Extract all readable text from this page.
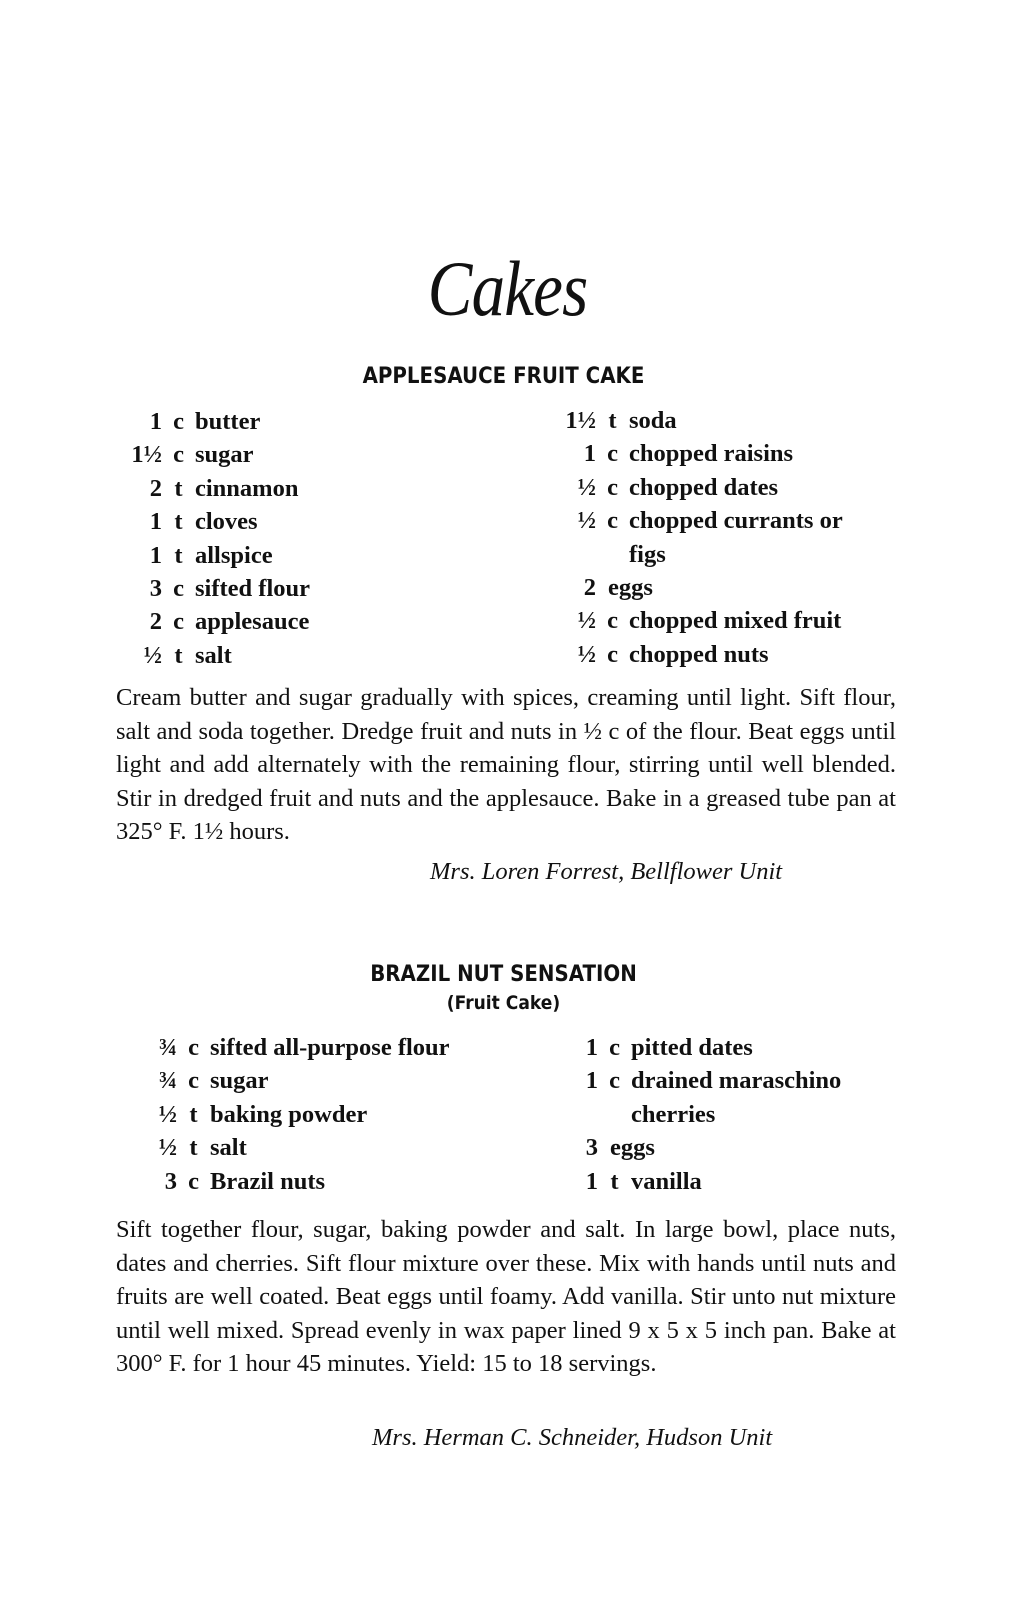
Cakes
APPLESAUCE FRUIT CAKE
1 c butter
1½ c sugar
2 t cinnamon
1 t cloves
1 t allspice
3 c sifted flour
2 c applesauce
½ t salt
1½ t soda
1 c chopped raisins
½ c chopped dates
½ c chopped currants or
figs
2 eggs
½ c chopped mixed fruit
½ c chopped nuts
Cream butter and sugar gradually with spices, creaming until light. Sift flour, salt and soda together. Dredge fruit and nuts in ½ c of the flour. Beat eggs until light and add alternately with the remaining flour, stirring until well blended. Stir in dredged fruit and nuts and the applesauce. Bake in a greased tube pan at 325° F. 1½ hours.
Mrs. Loren Forrest, Bellflower Unit
BRAZIL NUT SENSATION
(Fruit Cake)
¾ c sifted all-purpose flour
¾ c sugar
½ t baking powder
½ t salt
3 c Brazil nuts
1 c pitted dates
1 c drained maraschino
cherries
3 eggs
1 t vanilla
Sift together flour, sugar, baking powder and salt. In large bowl, place nuts, dates and cherries. Sift flour mixture over these. Mix with hands until nuts and fruits are well coated. Beat eggs until foamy. Add vanilla. Stir unto nut mixture until well mixed. Spread evenly in wax paper lined 9 x 5 x 5 inch pan. Bake at 300° F. for 1 hour 45 minutes. Yield: 15 to 18 servings.
Mrs. Herman C. Schneider, Hudson Unit
